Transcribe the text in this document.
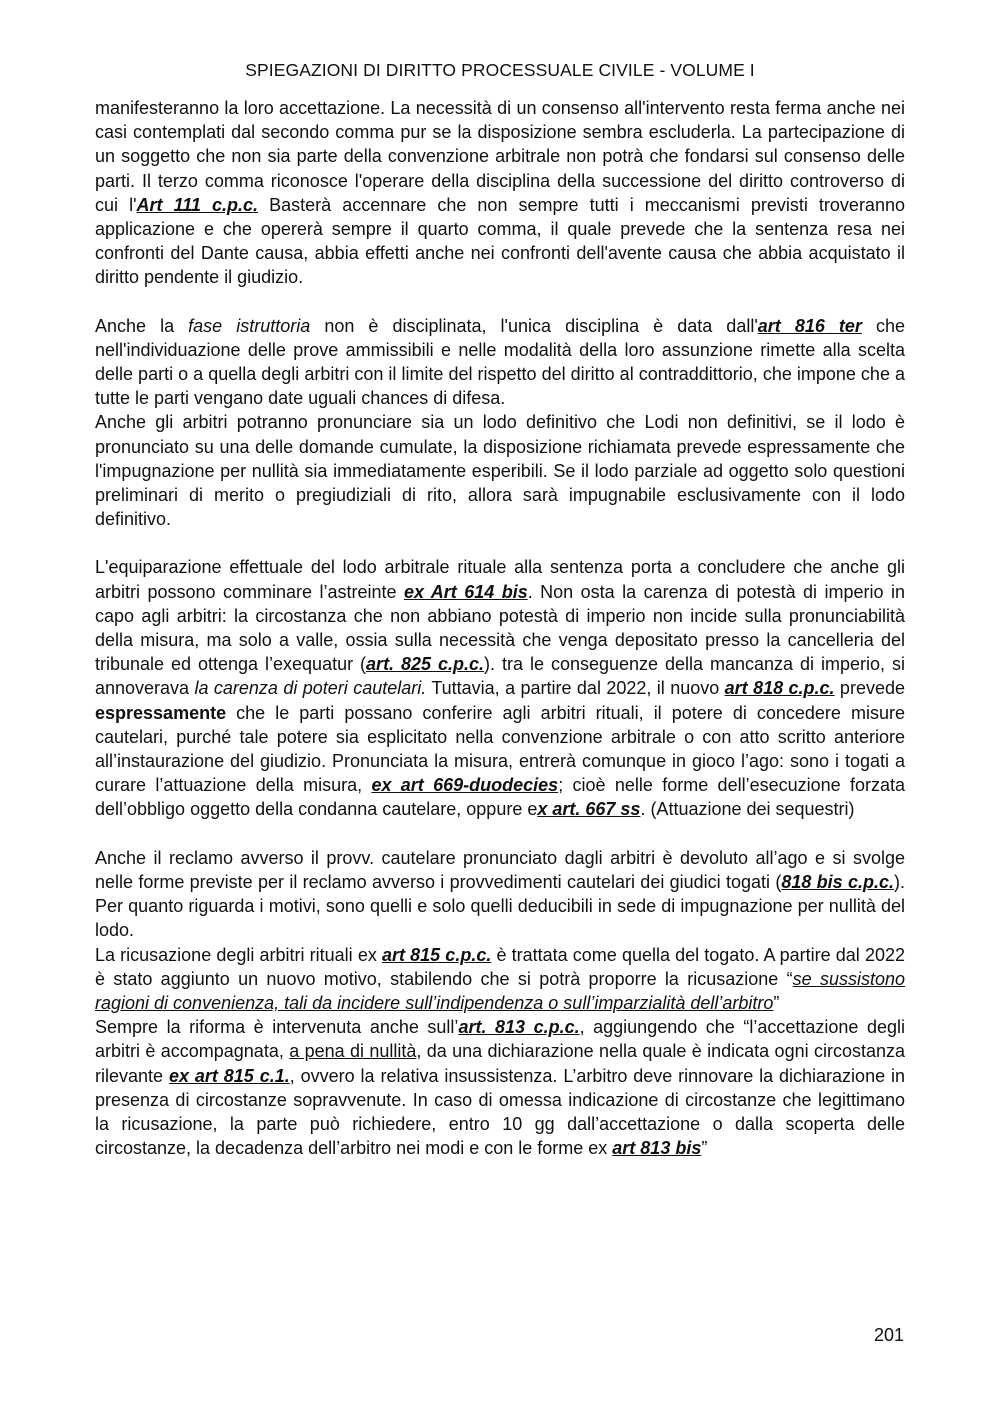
SPIEGAZIONI DI DIRITTO PROCESSUALE CIVILE - VOLUME I

manifesteranno la loro accettazione. La necessità di un consenso all'intervento resta ferma anche nei casi contemplati dal secondo comma pur se la disposizione sembra escluderla. La partecipazione di un soggetto che non sia parte della convenzione arbitrale non potrà che fondarsi sul consenso delle parti. Il terzo comma riconosce l'operare della disciplina della successione del diritto controverso di cui l'Art 111 c.p.c. Basterà accennare che non sempre tutti i meccanismi previsti troveranno applicazione e che opererà sempre il quarto comma, il quale prevede che la sentenza resa nei confronti del Dante causa, abbia effetti anche nei confronti dell'avente causa che abbia acquistato il diritto pendente il giudizio.

Anche la fase istruttoria non è disciplinata, l'unica disciplina è data dall'art 816 ter che nell'individuazione delle prove ammissibili e nelle modalità della loro assunzione rimette alla scelta delle parti o a quella degli arbitri con il limite del rispetto del diritto al contraddittorio, che impone che a tutte le parti vengano date uguali chances di difesa.

Anche gli arbitri potranno pronunciare sia un lodo definitivo che Lodi non definitivi, se il lodo è pronunciato su una delle domande cumulate, la disposizione richiamata prevede espressamente che l'impugnazione per nullità sia immediatamente esperibili. Se il lodo parziale ad oggetto solo questioni preliminari di merito o pregiudiziali di rito, allora sarà impugnabile esclusivamente con il lodo definitivo.

L'equiparazione effettuale del lodo arbitrale rituale alla sentenza porta a concludere che anche gli arbitri possono comminare l’astreinte ex Art 614 bis. Non osta la carenza di potestà di imperio in capo agli arbitri: la circostanza che non abbiano potestà di imperio non incide sulla pronunciabilità della misura, ma solo a valle, ossia sulla necessità che venga depositato presso la cancelleria del tribunale ed ottenga l’exequatur (art. 825 c.p.c.). tra le conseguenze della mancanza di imperio, si annoverava la carenza di poteri cautelari. Tuttavia, a partire dal 2022, il nuovo art 818 c.p.c. prevede espressamente che le parti possano conferire agli arbitri rituali, il potere di concedere misure cautelari, purché tale potere sia esplicitato nella convenzione arbitrale o con atto scritto anteriore all’instaurazione del giudizio. Pronunciata la misura, entrerà comunque in gioco l’ago: sono i togati a curare l’attuazione della misura, ex art 669-duodecies; cioè nelle forme dell’esecuzione forzata dell’obbligo oggetto della condanna cautelare, oppure ex art. 667 ss. (Attuazione dei sequestri)

Anche il reclamo avverso il provv. cautelare pronunciato dagli arbitri è devoluto all’ago e si svolge nelle forme previste per il reclamo avverso i provvedimenti cautelari dei giudici togati (818 bis c.p.c.). Per quanto riguarda i motivi, sono quelli e solo quelli deducibili in sede di impugnazione per nullità del lodo.

La ricusazione degli arbitri rituali ex art 815 c.p.c. è trattata come quella del togato. A partire dal 2022 è stato aggiunto un nuovo motivo, stabilendo che si potrà proporre la ricusazione “se sussistono ragioni di convenienza, tali da incidere sull’indipendenza o sull’imparzialità dell’arbitro”

Sempre la riforma è intervenuta anche sull’art. 813 c.p.c., aggiungendo che “l’accettazione degli arbitri è accompagnata, a pena di nullità, da una dichiarazione nella quale è indicata ogni circostanza rilevante ex art 815 c.1., ovvero la relativa insussistenza. L’arbitro deve rinnovare la dichiarazione in presenza di circostanze sopravvenute. In caso di omessa indicazione di circostanze che legittimano la ricusazione, la parte può richiedere, entro 10 gg dall’accettazione o dalla scoperta delle circostanze, la decadenza dell’arbitro nei modi e con le forme ex art 813 bis”

201
